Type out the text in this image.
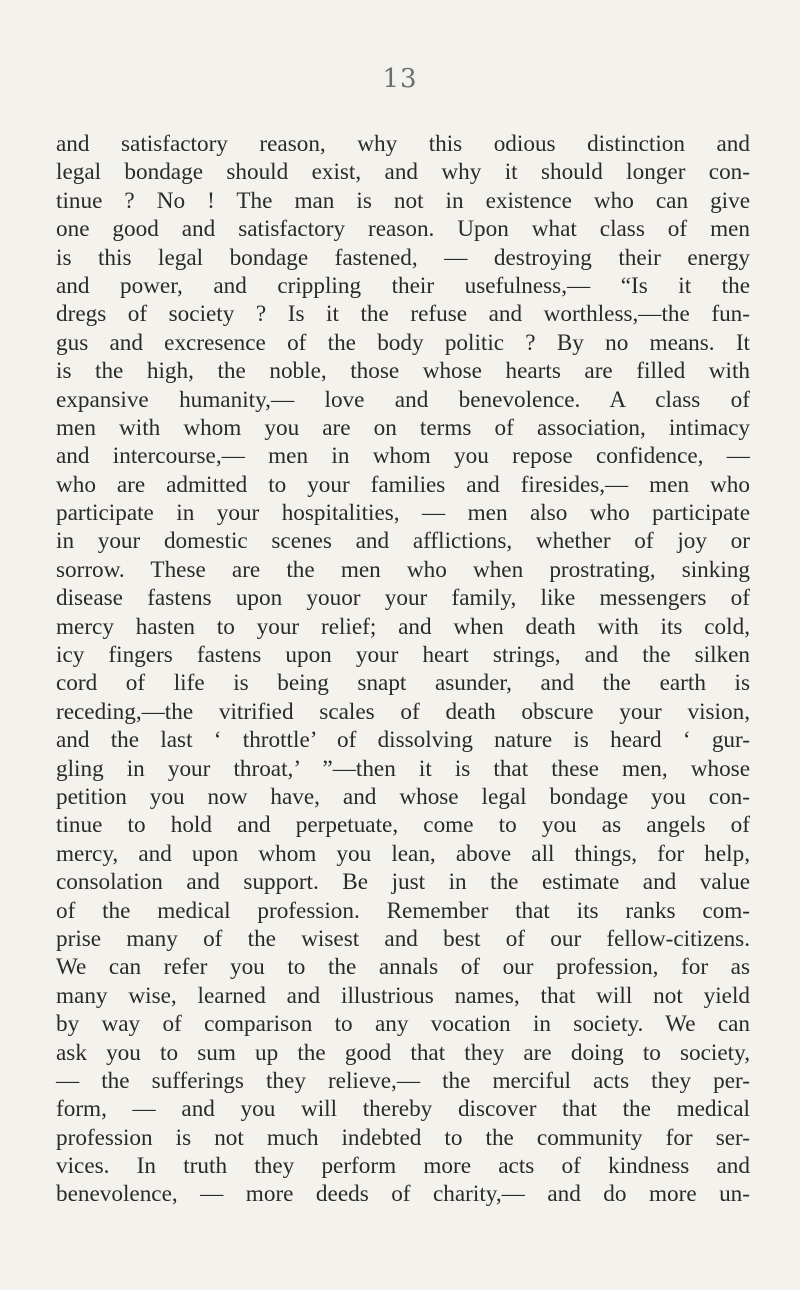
13
and satisfactory reason, why this odious distinction and
legal bondage should exist, and why it should longer con-
tinue ? No ! The man is not in existence who can give
one good and satisfactory reason. Upon what class of men
is this legal bondage fastened, — destroying their energy
and power, and crippling their usefulness,— “Is it the
dregs of society ? Is it the refuse and worthless,—the fun-
gus and excresence of the body politic ? By no means. It
is the high, the noble, those whose hearts are filled with
expansive humanity,— love and benevolence. A class of
men with whom you are on terms of association, intimacy
and intercourse,— men in whom you repose confidence, —
who are admitted to your families and firesides,— men who
participate in your hospitalities, — men also who participate
in your domestic scenes and afflictions, whether of joy or
sorrow. These are the men who when prostrating, sinking
disease fastens upon youor your family, like messengers of
mercy hasten to your relief; and when death with its cold,
icy fingers fastens upon your heart strings, and the silken
cord of life is being snapt asunder, and the earth is
receding,—the vitrified scales of death obscure your vision,
and the last ‘ throttle’ of dissolving nature is heard ‘ gur-
gling in your throat,’ ”—then it is that these men, whose
petition you now have, and whose legal bondage you con-
tinue to hold and perpetuate, come to you as angels of
mercy, and upon whom you lean, above all things, for help,
consolation and support. Be just in the estimate and value
of the medical profession. Remember that its ranks com-
prise many of the wisest and best of our fellow-citizens.
We can refer you to the annals of our profession, for as
many wise, learned and illustrious names, that will not yield
by way of comparison to any vocation in society. We can
ask you to sum up the good that they are doing to society,
— the sufferings they relieve,— the merciful acts they per-
form, — and you will thereby discover that the medical
profession is not much indebted to the community for ser-
vices. In truth they perform more acts of kindness and
benevolence, — more deeds of charity,— and do more un-
